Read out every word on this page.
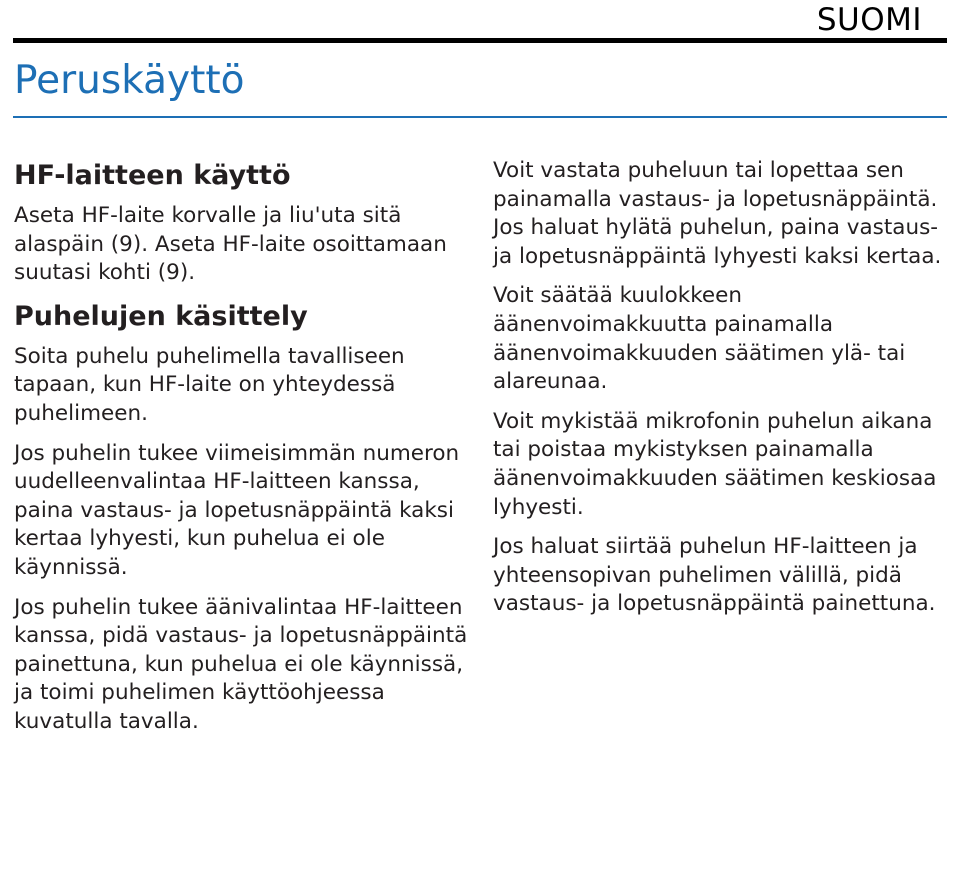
SUOMI
Peruskäyttö
HF-laitteen käyttö

Aseta HF-laite korvalle ja liu'uta sitä alaspäin (9). Aseta HF-laite osoittamaan suutasi kohti (9).

Puhelujen käsittely

Soita puhelu puhelimella tavalliseen tapaan, kun HF-laite on yhteydessä puhelimeen.

Jos puhelin tukee viimeisimmän numeron uudelleenvalintaa HF-laitteen kanssa, paina vastaus- ja lopetusnäppäintä kaksi kertaa lyhyesti, kun puhelua ei ole käynnissä.

Jos puhelin tukee äänivalintaa HF-laitteen kanssa, pidä vastaus- ja lopetusnäppäintä painettuna, kun puhelua ei ole käynnissä, ja toimi puhelimen käyttöohjeessa kuvatulla tavalla.

Voit vastata puheluun tai lopettaa sen painamalla vastaus- ja lopetusnäppäintä. Jos haluat hylätä puhelun, paina vastaus- ja lopetusnäppäintä lyhyesti kaksi kertaa.

Voit säätää kuulokkeen äänenvoimakkuutta painamalla äänenvoimakkuuden säätimen ylä- tai alareunaa.

Voit mykistää mikrofonin puhelun aikana tai poistaa mykistyksen painamalla äänenvoimakkuuden säätimen keskiosaa lyhyesti.

Jos haluat siirtää puhelun HF-laitteen ja yhteensopivan puhelimen välillä, pidä vastaus- ja lopetusnäppäintä painettuna.
